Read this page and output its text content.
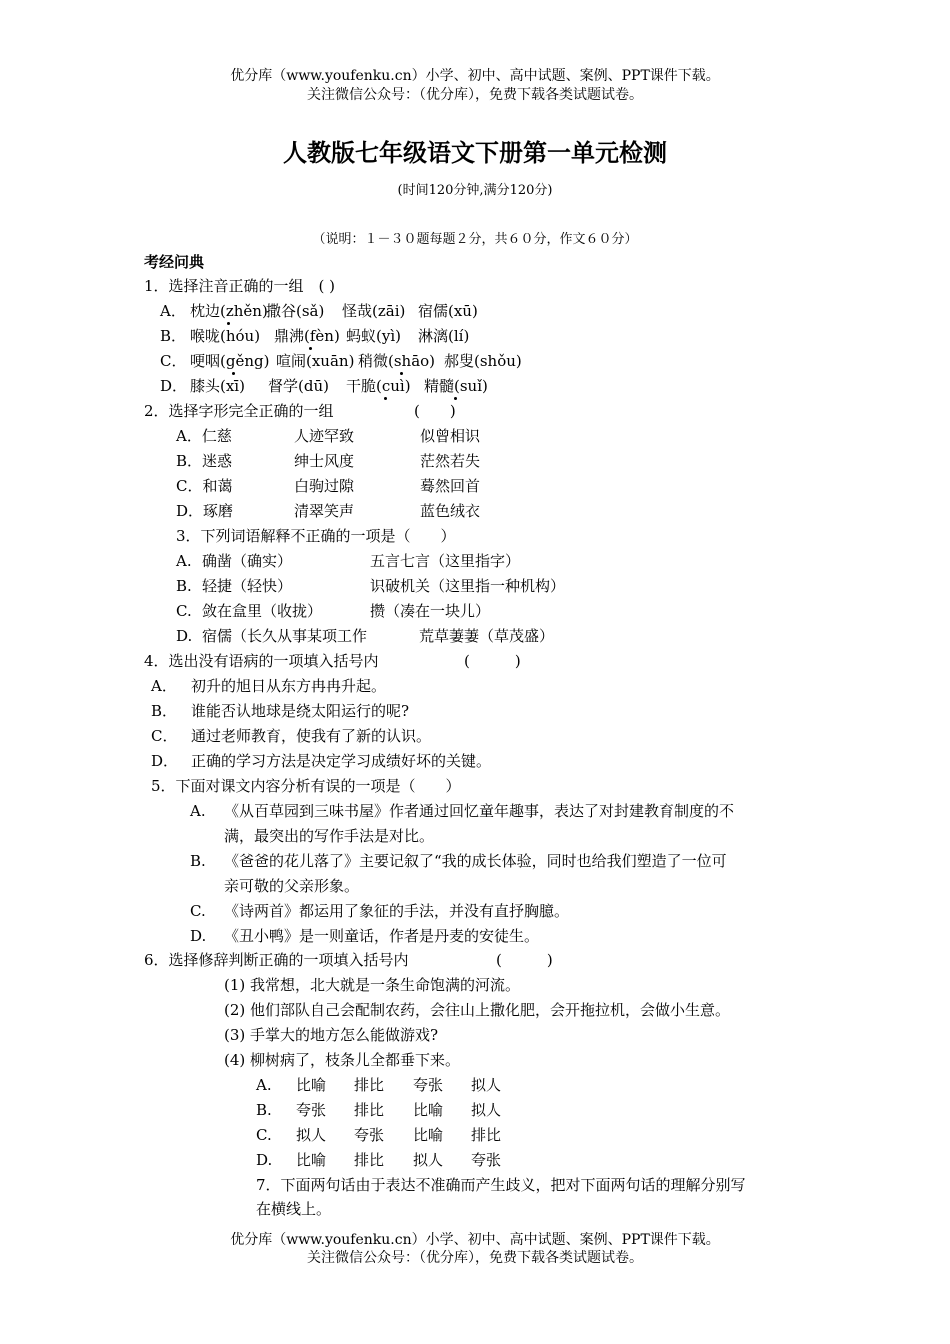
优分库（www.youfenku.cn）小学、初中、高中试题、案例、PPT课件下载。
关注微信公众号：（优分库），免费下载各类试题试卷。
人教版七年级语文下册第一单元检测
(时间120分钟,满分120分)
（说明：１－３０题每题２分，共６０分，作文６０分）
考经问典
1．选择注音正确的一组　( )
A． 枕边(zhěn)撒谷(sǎ) 怪哉(zāi) 宿儒(xū)
B． 喉咙(hóu) 鼎沸(fèn) 蚂蚁(yì) 淋漓(lí)
C． 哽咽(gěng) 喧闹(xuān) 稍微(shāo) 郝叟(shǒu)
D． 膝头(xī) 督学(dū) 干脆(cuì) 精髓(suǐ)
2．选择字形完全正确的一组	(　　)
A．仁慈	人迹罕致	似曾相识
B．迷惑	绅士风度	茫然若失
C．和蔼	白驹过隙	蓦然回首
D．琢磨	清翠笑声	蓝色绒衣
3．下列词语解释不正确的一项是（　　）
A. 确凿（确实）	五言七言（这里指字）
B. 轻捷（轻快）	识破机关（这里指一种机构）
C. 敛在盒里（收拢）	攒（凑在一块儿）
D. 宿儒（长久从事某项工作	荒草萋萋（草茂盛）
4．选出没有语病的一项填入括号内	(　　　)
A． 初升的旭日从东方冉冉升起。
B． 谁能否认地球是绕太阳运行的呢?
C． 通过老师教育，使我有了新的认识。
D． 正确的学习方法是决定学习成绩好坏的关键。
5．下面对课文内容分析有误的一项是（　　）
A. 《从百草园到三味书屋》作者通过回忆童年趣事，表达了对封建教育制度的不
满，最突出的写作手法是对比。
B. 《爸爸的花儿落了》主要记叙了“我的成长体验，同时也给我们塑造了一位可
亲可敬的父亲形象。
C. 《诗两首》都运用了象征的手法，并没有直抒胸臆。
D. 《丑小鸭》是一则童话，作者是丹麦的安徒生。
6．选择修辞判断正确的一项填入括号内	(　　　)
(1) 我常想，北大就是一条生命饱满的河流。
(2) 他们部队自己会配制农药，会往山上撒化肥，会开拖拉机，会做小生意。
(3) 手掌大的地方怎么能做游戏?
(4) 柳树病了，枝条儿全都垂下来。
A. 比喻 排比 夸张 拟人
B. 夸张 排比 比喻 拟人
C. 拟人 夸张 比喻 排比
D. 比喻 排比 拟人 夸张
7．下面两句话由于表达不准确而产生歧义，把对下面两句话的理解分别写
在横线上。
优分库（www.youfenku.cn）小学、初中、高中试题、案例、PPT课件下载。
关注微信公众号：（优分库），免费下载各类试题试卷。
